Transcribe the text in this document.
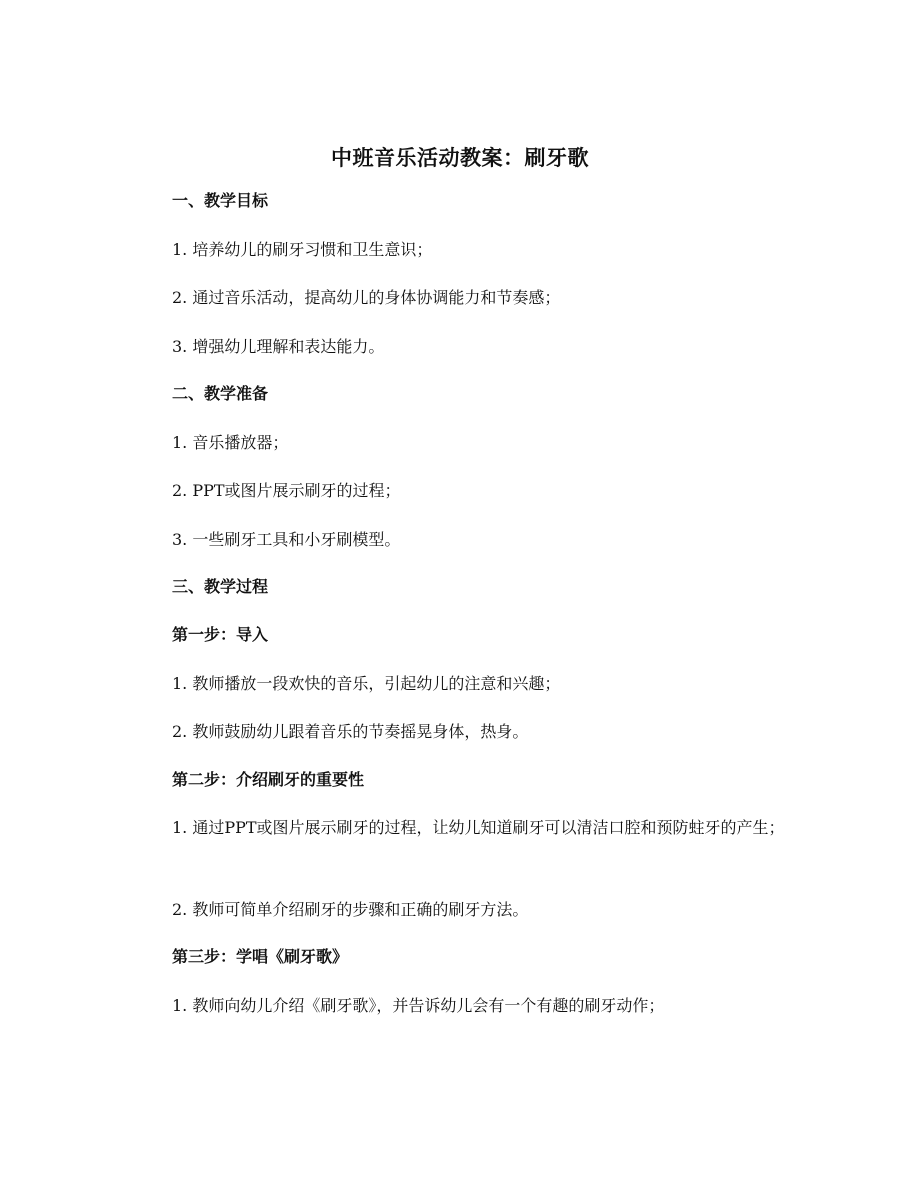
中班音乐活动教案：刷牙歌
一、教学目标
1. 培养幼儿的刷牙习惯和卫生意识；
2. 通过音乐活动，提高幼儿的身体协调能力和节奏感；
3. 增强幼儿理解和表达能力。
二、教学准备
1. 音乐播放器；
2. PPT或图片展示刷牙的过程；
3. 一些刷牙工具和小牙刷模型。
三、教学过程
第一步：导入
1. 教师播放一段欢快的音乐，引起幼儿的注意和兴趣；
2. 教师鼓励幼儿跟着音乐的节奏摇晃身体，热身。
第二步：介绍刷牙的重要性
1. 通过PPT或图片展示刷牙的过程，让幼儿知道刷牙可以清洁口腔和预防蛀牙的产生；
2. 教师可简单介绍刷牙的步骤和正确的刷牙方法。
第三步：学唱《刷牙歌》
1. 教师向幼儿介绍《刷牙歌》，并告诉幼儿会有一个有趣的刷牙动作；
